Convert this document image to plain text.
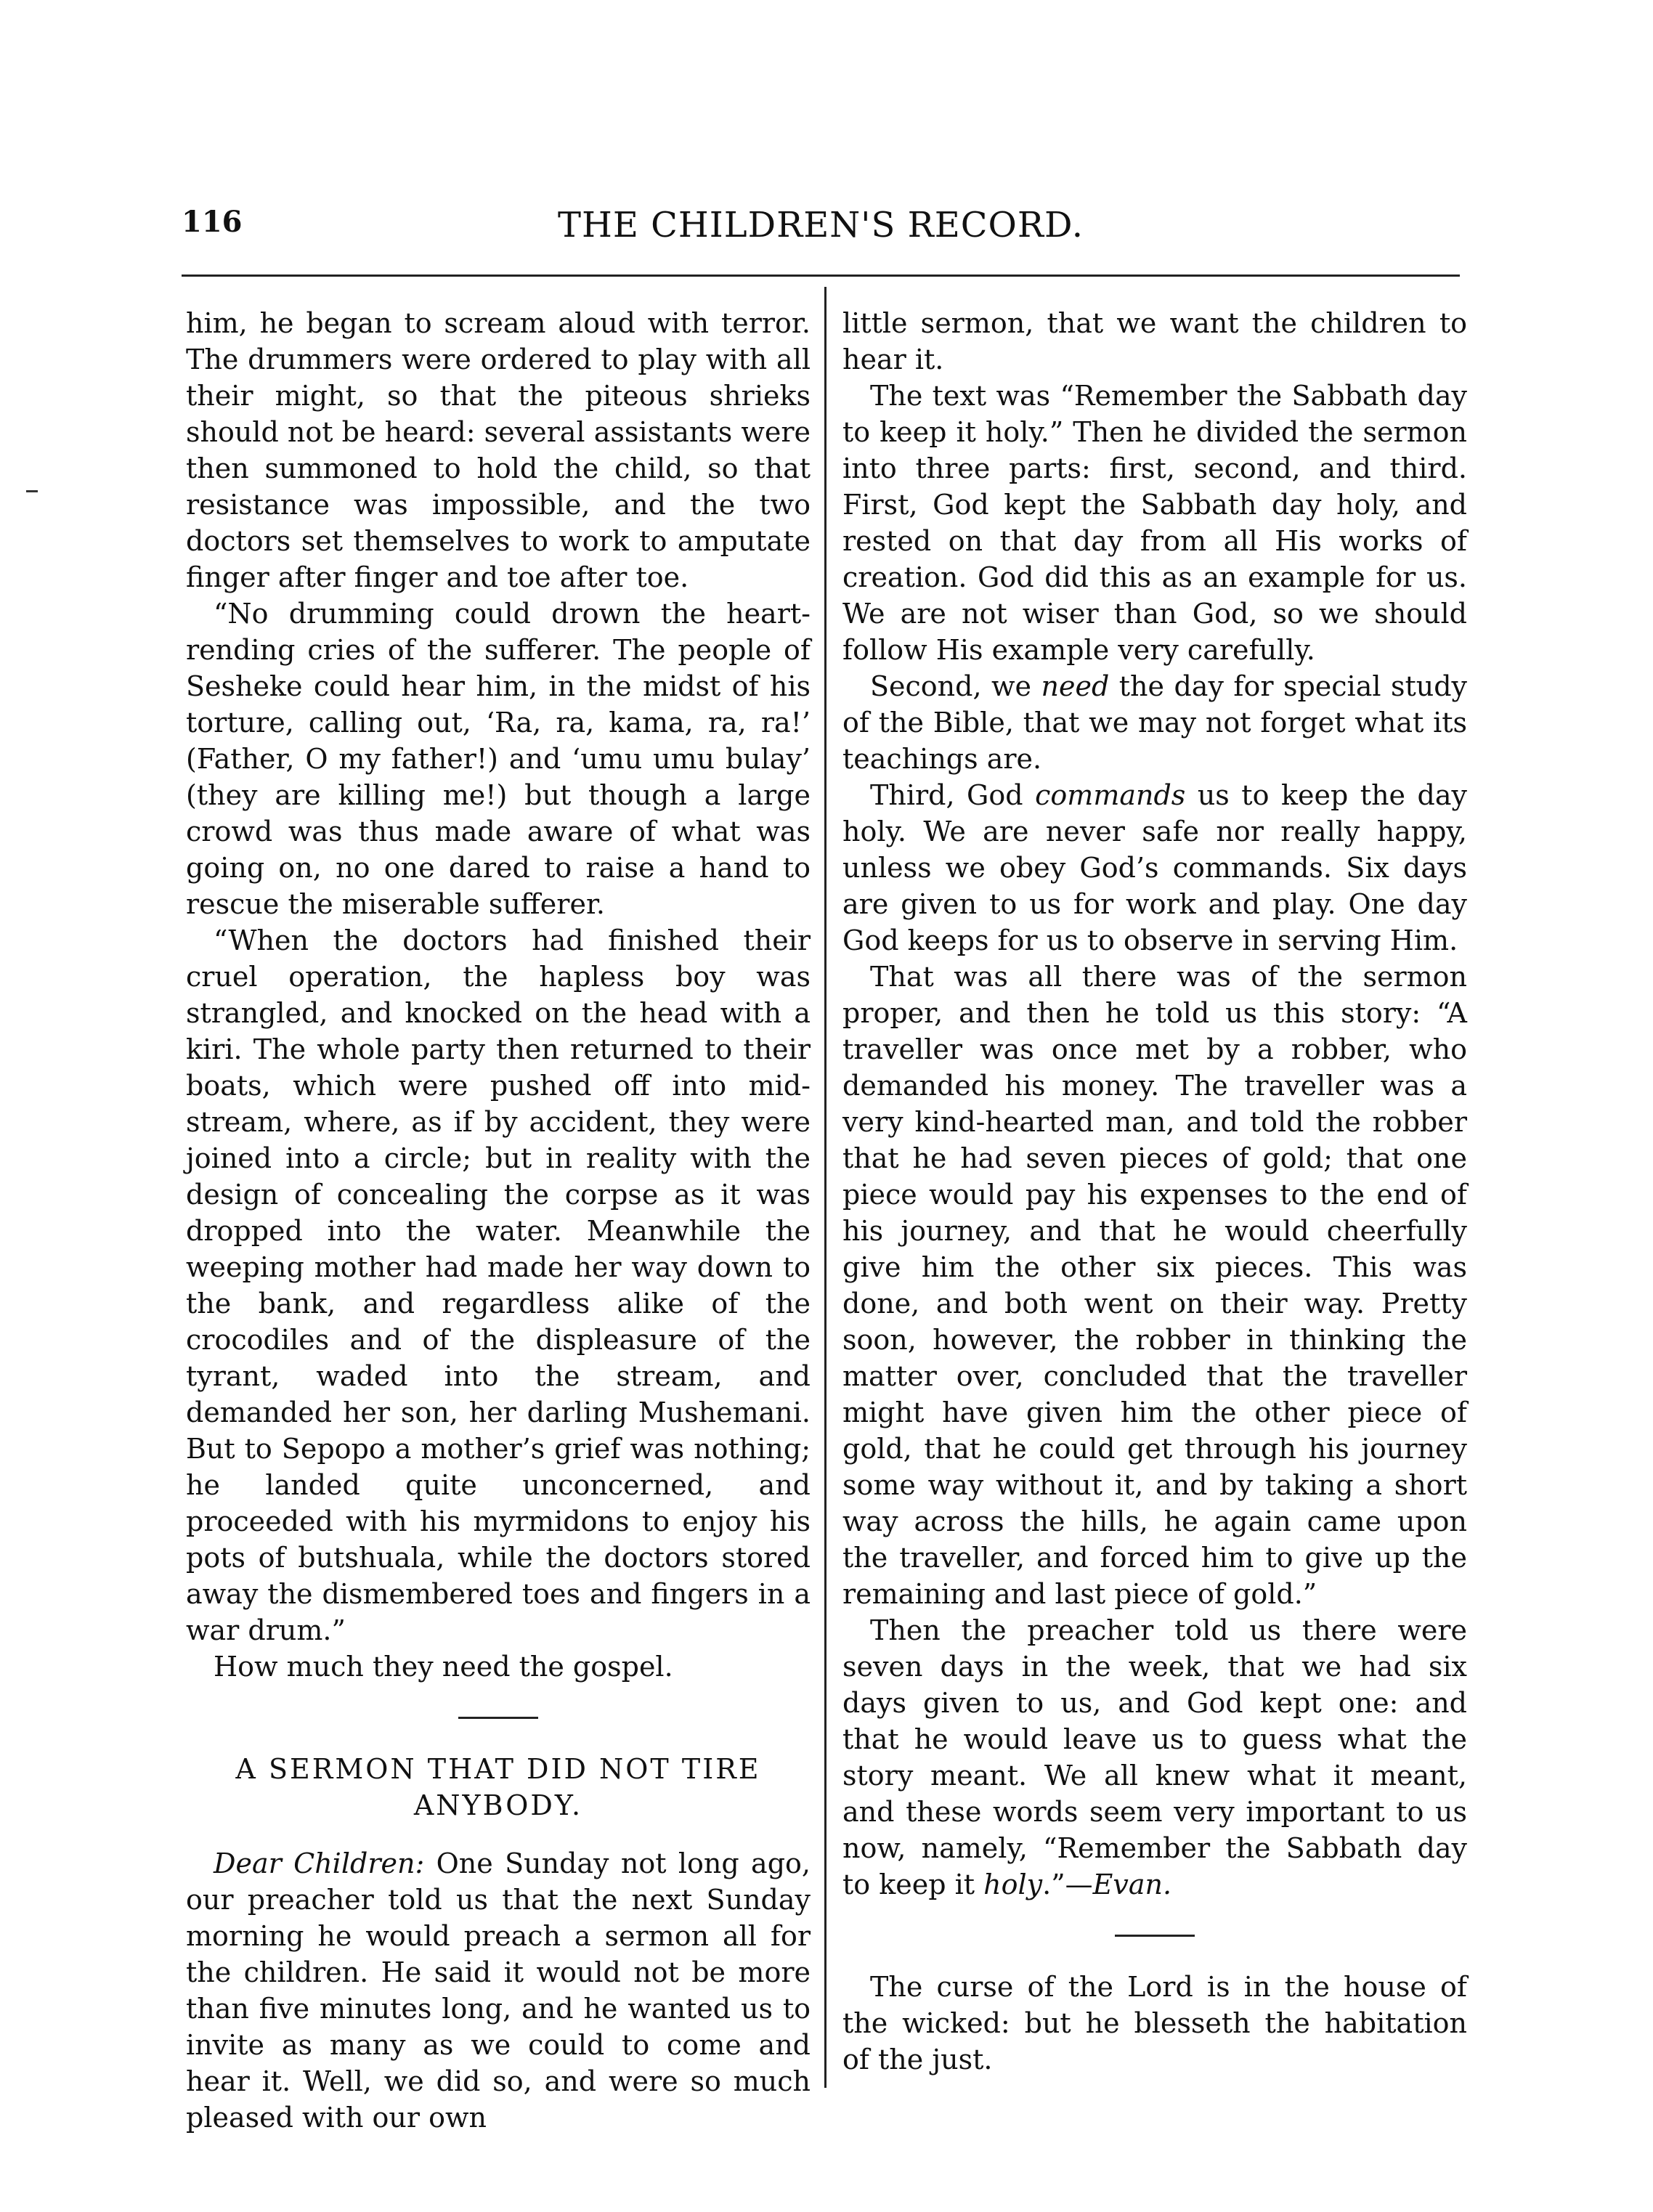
THE CHILDREN'S RECORD.
116

him, he began to scream aloud with terror. The drummers were ordered to play with all their might, so that the piteous shrieks should not be heard: several assistants were then summoned to hold the child, so that resistance was impossible, and the two doctors set themselves to work to amputate finger after finger and toe after toe.

“No drumming could drown the heart-rending cries of the sufferer. The people of Sesheke could hear him, in the midst of his torture, calling out, ‘Ra, ra, kama, ra, ra!’ (Father, O my father!) and ‘umu umu bulay’ (they are killing me!) but though a large crowd was thus made aware of what was going on, no one dared to raise a hand to rescue the miserable sufferer.

“When the doctors had finished their cruel operation, the hapless boy was strangled, and knocked on the head with a kiri. The whole party then returned to their boats, which were pushed off into mid-stream, where, as if by accident, they were joined into a circle; but in reality with the design of concealing the corpse as it was dropped into the water. Meanwhile the weeping mother had made her way down to the bank, and regardless alike of the crocodiles and of the displeasure of the tyrant, waded into the stream, and demanded her son, her darling Mushemani. But to Sepopo a mother’s grief was nothing; he landed quite unconcerned, and proceeded with his myrmidons to enjoy his pots of butshuala, while the doctors stored away the dismembered toes and fingers in a war drum.”

How much they need the gospel.

A SERMON THAT DID NOT TIRE ANYBODY.

Dear Children: One Sunday not long ago, our preacher told us that the next Sunday morning he would preach a sermon all for the children. He said it would not be more than five minutes long, and he wanted us to invite as many as we could to come and hear it. Well, we did so, and were so much pleased with our own

little sermon, that we want the children to hear it.

The text was “Remember the Sabbath day to keep it holy.” Then he divided the sermon into three parts: first, second, and third. First, God kept the Sabbath day holy, and rested on that day from all His works of creation. God did this as an example for us. We are not wiser than God, so we should follow His example very carefully.

Second, we need the day for special study of the Bible, that we may not forget what its teachings are.

Third, God commands us to keep the day holy. We are never safe nor really happy, unless we obey God’s commands. Six days are given to us for work and play. One day God keeps for us to observe in serving Him.

That was all there was of the sermon proper, and then he told us this story: “A traveller was once met by a robber, who demanded his money. The traveller was a very kind-hearted man, and told the robber that he had seven pieces of gold; that one piece would pay his expenses to the end of his journey, and that he would cheerfully give him the other six pieces. This was done, and both went on their way. Pretty soon, however, the robber in thinking the matter over, concluded that the traveller might have given him the other piece of gold, that he could get through his journey some way without it, and by taking a short way across the hills, he again came upon the traveller, and forced him to give up the remaining and last piece of gold.”

Then the preacher told us there were seven days in the week, that we had six days given to us, and God kept one: and that he would leave us to guess what the story meant. We all knew what it meant, and these words seem very important to us now, namely, “Remember the Sabbath day to keep it holy.”—Evan.

The curse of the Lord is in the house of the wicked: but he blesseth the habitation of the just.
